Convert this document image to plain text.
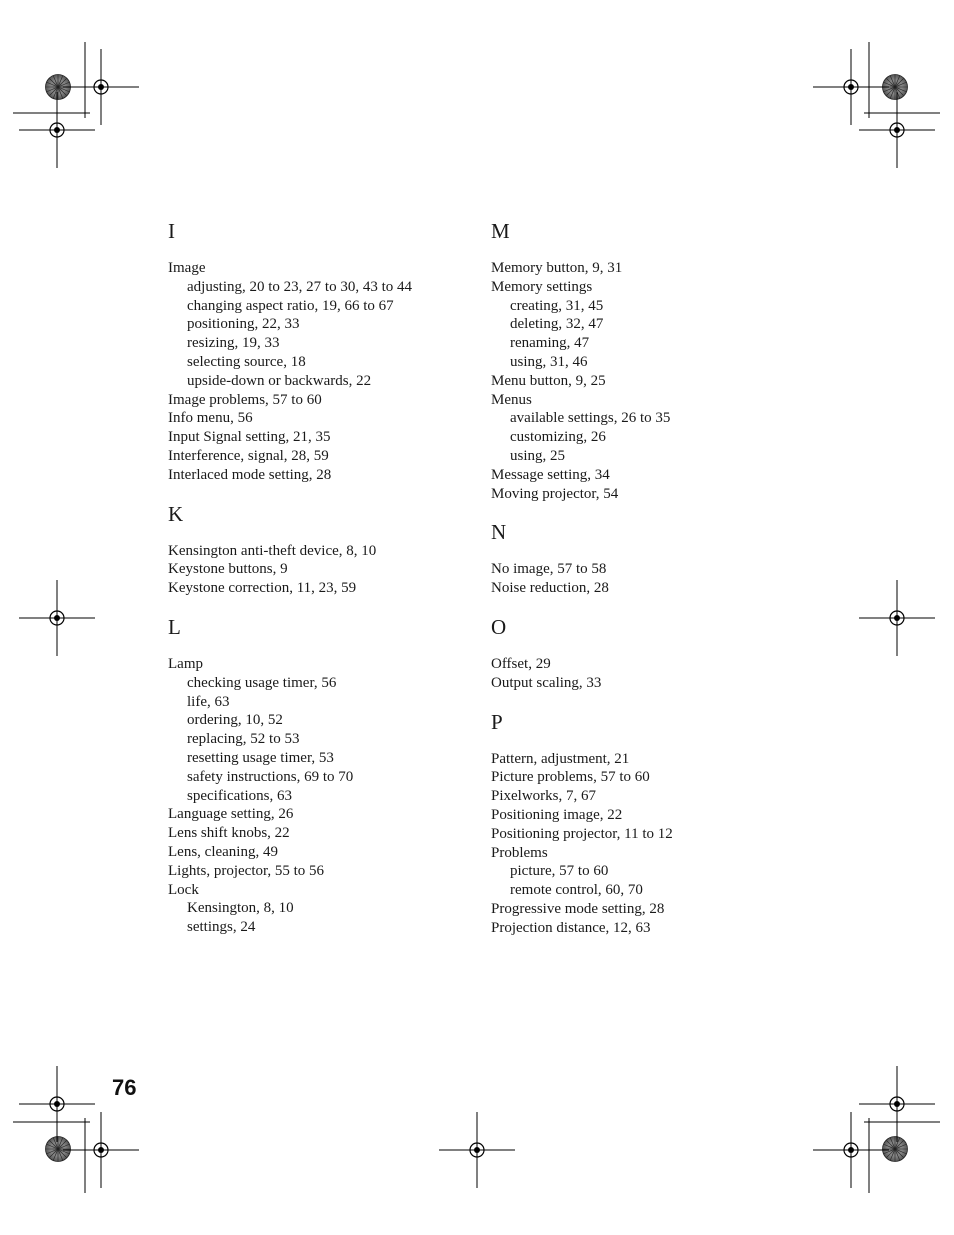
I
Image
adjusting, 20 to 23, 27 to 30, 43 to 44
changing aspect ratio, 19, 66 to 67
positioning, 22, 33
resizing, 19, 33
selecting source, 18
upside-down or backwards, 22
Image problems, 57 to 60
Info menu, 56
Input Signal setting, 21, 35
Interference, signal, 28, 59
Interlaced mode setting, 28
K
Kensington anti-theft device, 8, 10
Keystone buttons, 9
Keystone correction, 11, 23, 59
L
Lamp
checking usage timer, 56
life, 63
ordering, 10, 52
replacing, 52 to 53
resetting usage timer, 53
safety instructions, 69 to 70
specifications, 63
Language setting, 26
Lens shift knobs, 22
Lens, cleaning, 49
Lights, projector, 55 to 56
Lock
Kensington, 8, 10
settings, 24
M
Memory button, 9, 31
Memory settings
creating, 31, 45
deleting, 32, 47
renaming, 47
using, 31, 46
Menu button, 9, 25
Menus
available settings, 26 to 35
customizing, 26
using, 25
Message setting, 34
Moving projector, 54
N
No image, 57 to 58
Noise reduction, 28
O
Offset, 29
Output scaling, 33
P
Pattern, adjustment, 21
Picture problems, 57 to 60
Pixelworks, 7, 67
Positioning image, 22
Positioning projector, 11 to 12
Problems
picture, 57 to 60
remote control, 60, 70
Progressive mode setting, 28
Projection distance, 12, 63
76
